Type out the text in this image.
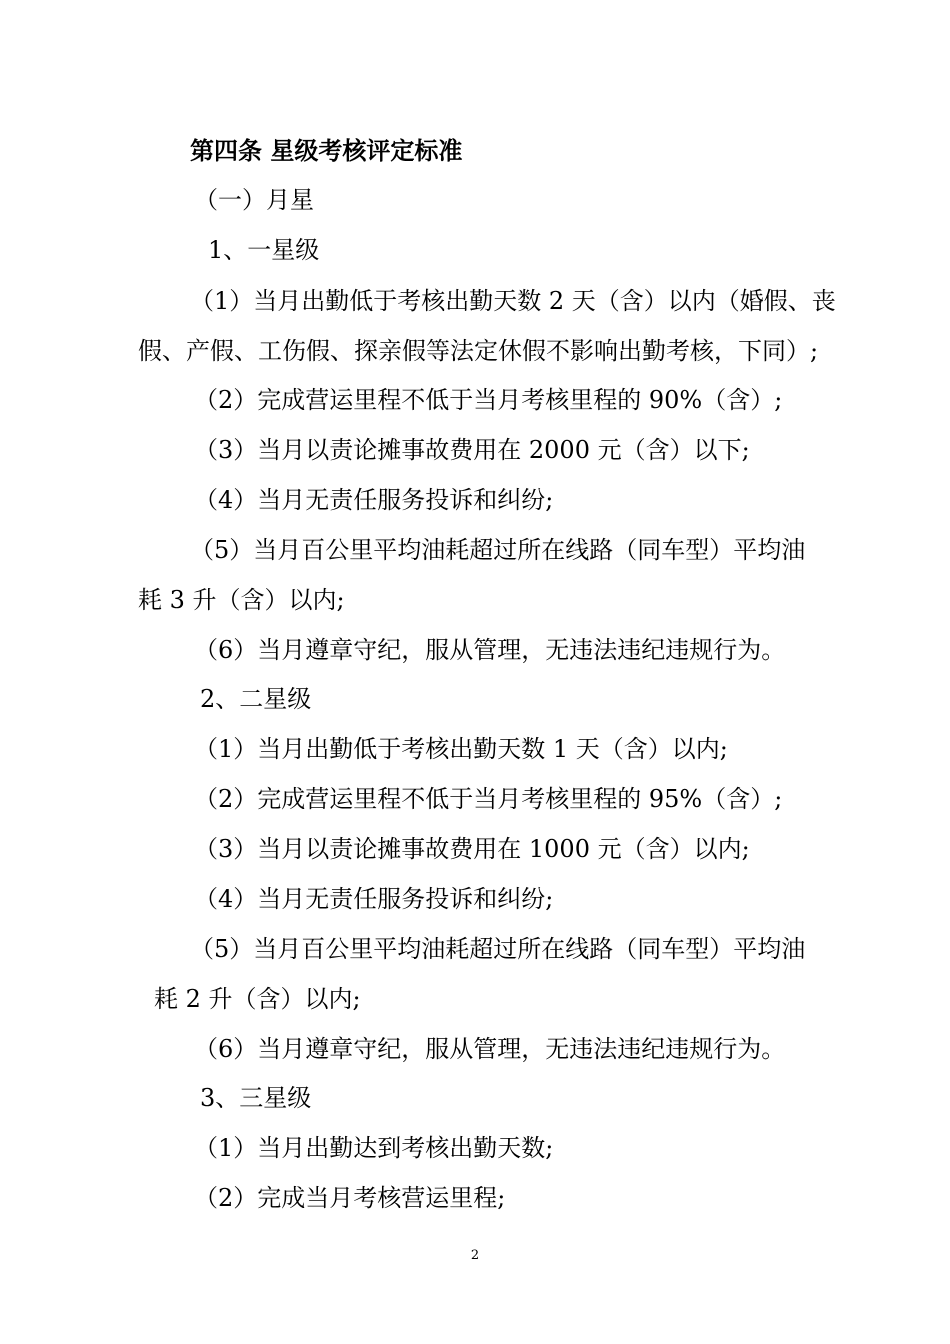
第四条 星级考核评定标准
（一）月星
1、一星级
（1）当月出勤低于考核出勤天数 2 天（含）以内（婚假、丧
假、产假、工伤假、探亲假等法定休假不影响出勤考核，下同）;
（2）完成营运里程不低于当月考核里程的 90%（含）;
（3）当月以责论摊事故费用在 2000 元（含）以下;
（4）当月无责任服务投诉和纠纷;
（5）当月百公里平均油耗超过所在线路（同车型）平均油
耗 3 升（含）以内;
（6）当月遵章守纪，服从管理，无违法违纪违规行为。
2、二星级
（1）当月出勤低于考核出勤天数 1 天（含）以内;
（2）完成营运里程不低于当月考核里程的 95%（含）;
（3）当月以责论摊事故费用在 1000 元（含）以内;
（4）当月无责任服务投诉和纠纷;
（5）当月百公里平均油耗超过所在线路（同车型）平均油
耗 2 升（含）以内;
（6）当月遵章守纪，服从管理，无违法违纪违规行为。
3、三星级
（1）当月出勤达到考核出勤天数;
（2）完成当月考核营运里程;
2
